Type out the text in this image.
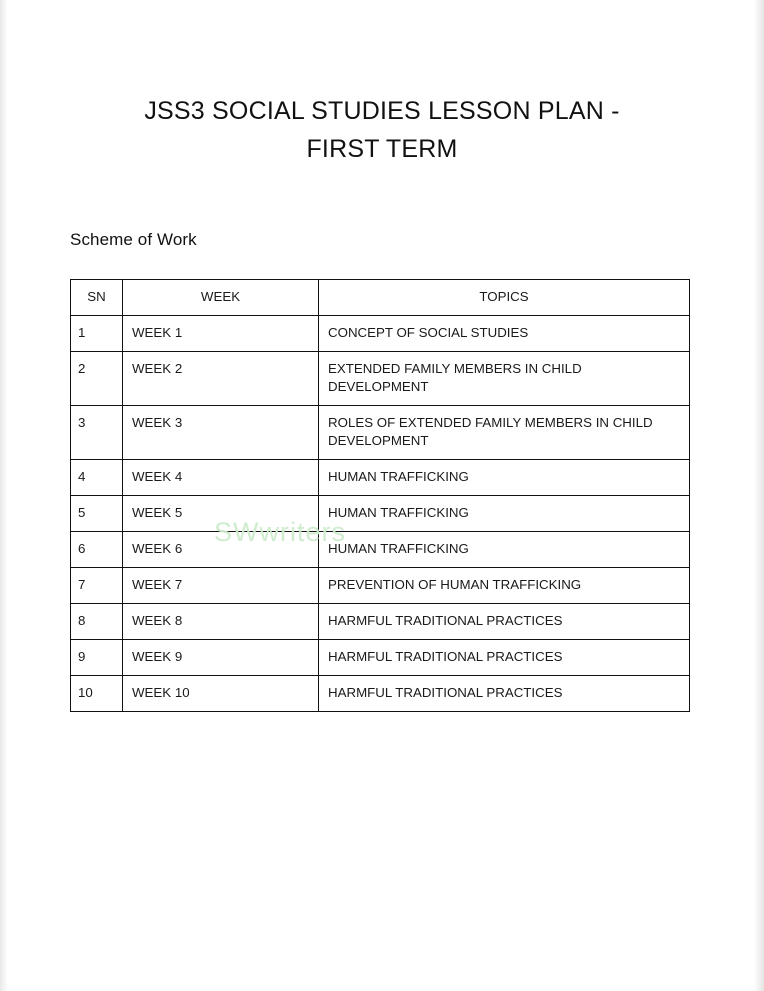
JSS3 SOCIAL STUDIES LESSON PLAN - FIRST TERM
Scheme of Work
SN	WEEK	TOPICS
1	WEEK 1	CONCEPT OF SOCIAL STUDIES
2	WEEK 2	EXTENDED FAMILY MEMBERS IN CHILD DEVELOPMENT
3	WEEK 3	ROLES OF EXTENDED FAMILY MEMBERS IN CHILD DEVELOPMENT
4	WEEK 4	HUMAN TRAFFICKING
5	WEEK 5	HUMAN TRAFFICKING
6	WEEK 6	HUMAN TRAFFICKING
7	WEEK 7	PREVENTION OF HUMAN TRAFFICKING
8	WEEK 8	HARMFUL TRADITIONAL PRACTICES
9	WEEK 9	HARMFUL TRADITIONAL PRACTICES
10	WEEK 10	HARMFUL TRADITIONAL PRACTICES
SWwriters
